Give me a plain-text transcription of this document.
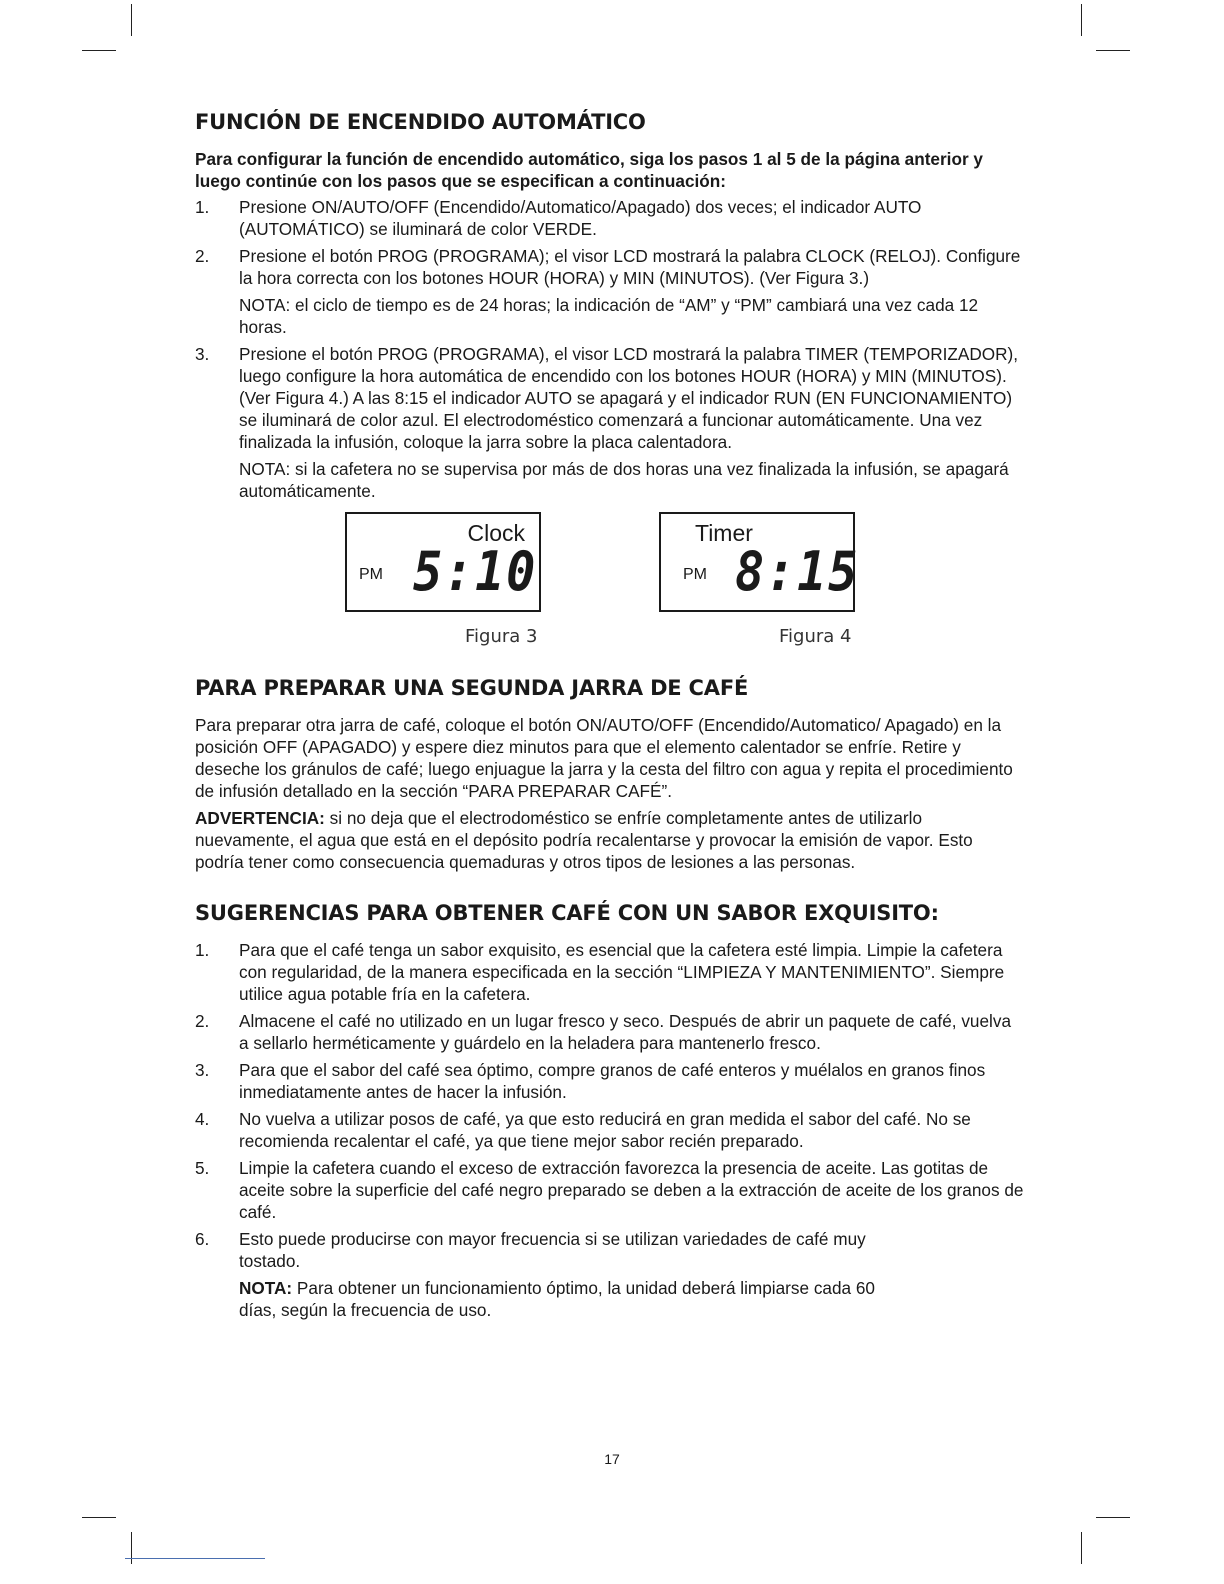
FUNCIÓN DE ENCENDIDO AUTOMÁTICO

Para configurar la función de encendido automático, siga los pasos 1 al 5 de la página anterior y luego continúe con los pasos que se especifican a continuación:

1. Presione ON/AUTO/OFF (Encendido/Automatico/Apagado) dos veces; el indicador AUTO (AUTOMÁTICO) se iluminará de color VERDE.
2. Presione el botón PROG (PROGRAMA); el visor LCD mostrará la palabra CLOCK (RELOJ). Configure la hora correcta con los botones HOUR (HORA) y MIN (MINUTOS). (Ver Figura 3.)
NOTA: el ciclo de tiempo es de 24 horas; la indicación de “AM” y “PM” cambiará una vez cada 12 horas.
3. Presione el botón PROG (PROGRAMA), el visor LCD mostrará la palabra TIMER (TEMPORIZADOR), luego configure la hora automática de encendido con los botones HOUR (HORA) y MIN (MINUTOS). (Ver Figura 4.) A las 8:15 el indicador AUTO se apagará y el indicador RUN (EN FUNCIONAMIENTO) se iluminará de color azul. El electrodoméstico comenzará a funcionar automáticamente. Una vez finalizada la infusión, coloque la jarra sobre la placa calentadora.
NOTA: si la cafetera no se supervisa por más de dos horas una vez finalizada la infusión, se apagará automáticamente.
Clock
PM 5:10
Figura 3
Timer
PM 8:15
Figura 4
PARA PREPARAR UNA SEGUNDA JARRA DE CAFÉ

Para preparar otra jarra de café, coloque el botón ON/AUTO/OFF (Encendido/Automatico/ Apagado) en la posición OFF (APAGADO) y espere diez minutos para que el elemento calentador se enfríe. Retire y deseche los gránulos de café; luego enjuague la jarra y la cesta del filtro con agua y repita el procedimiento de infusión detallado en la sección “PARA PREPARAR CAFÉ”.

ADVERTENCIA: si no deja que el electrodoméstico se enfríe completamente antes de utilizarlo nuevamente, el agua que está en el depósito podría recalentarse y provocar la emisión de vapor. Esto podría tener como consecuencia quemaduras y otros tipos de lesiones a las personas.

SUGERENCIAS PARA OBTENER CAFÉ CON UN SABOR EXQUISITO:
1. Para que el café tenga un sabor exquisito, es esencial que la cafetera esté limpia. Limpie la cafetera con regularidad, de la manera especificada en la sección “LIMPIEZA Y MANTENIMIENTO”. Siempre utilice agua potable fría en la cafetera.
2. Almacene el café no utilizado en un lugar fresco y seco. Después de abrir un paquete de café, vuelva a sellarlo herméticamente y guárdelo en la heladera para mantenerlo fresco.
3. Para que el sabor del café sea óptimo, compre granos de café enteros y muélalos en granos finos inmediatamente antes de hacer la infusión.
4. No vuelva a utilizar posos de café, ya que esto reducirá en gran medida el sabor del café. No se recomienda recalentar el café, ya que tiene mejor sabor recién preparado.
5. Limpie la cafetera cuando el exceso de extracción favorezca la presencia de aceite. Las gotitas de aceite sobre la superficie del café negro preparado se deben a la extracción de aceite de los granos de café.
6. Esto puede producirse con mayor frecuencia si se utilizan variedades de café muy tostado.
NOTA: Para obtener un funcionamiento óptimo, la unidad deberá limpiarse cada 60 días, según la frecuencia de uso.
17
